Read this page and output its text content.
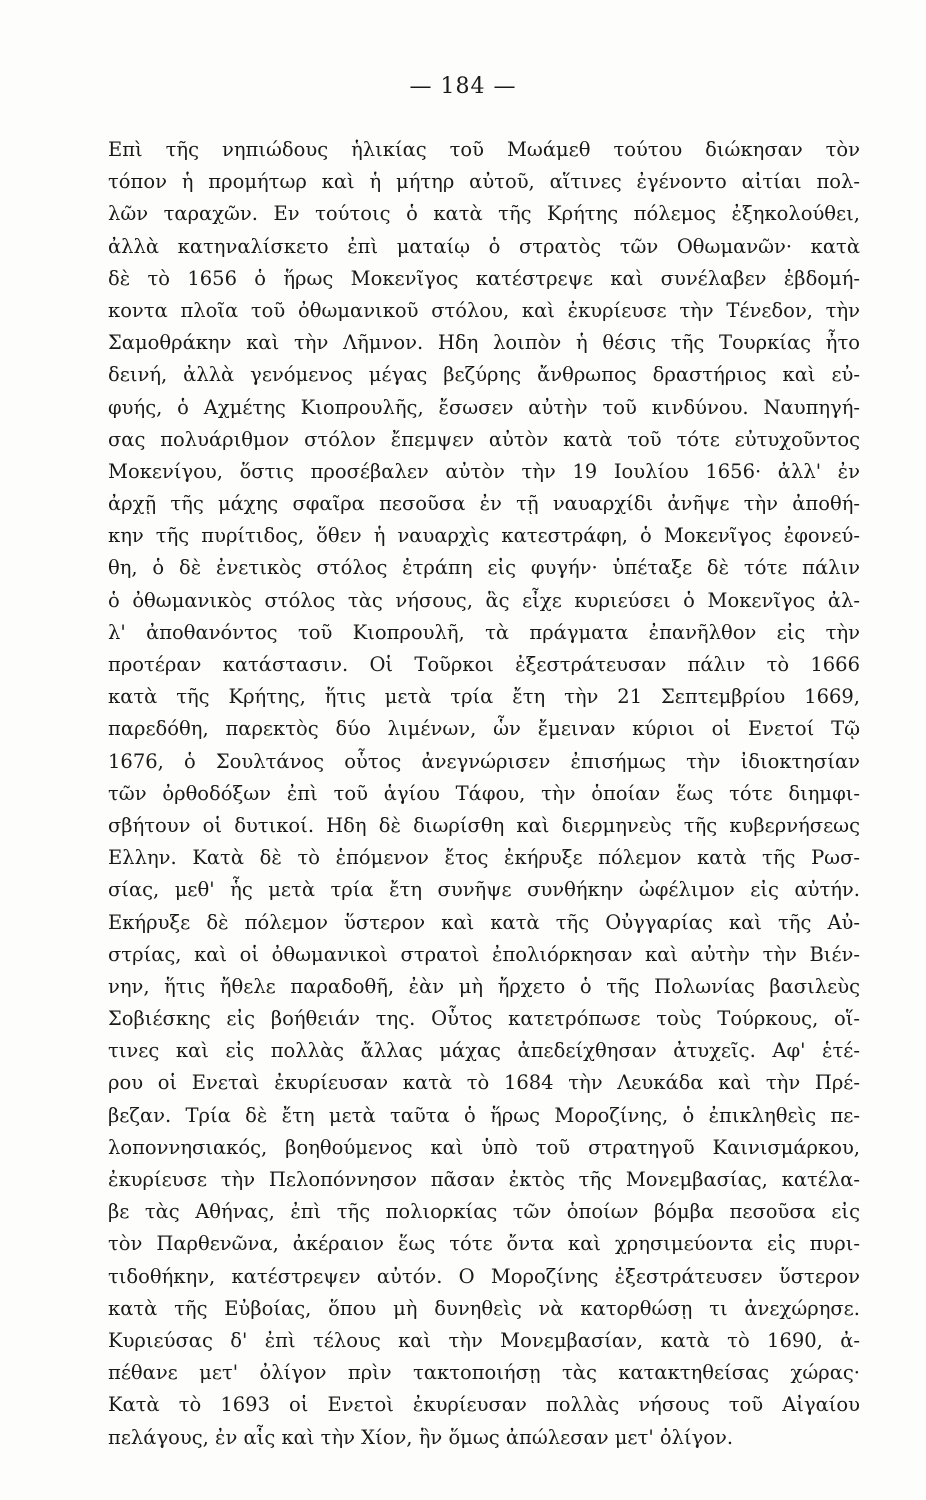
— 184 —
Επὶ τῆς νηπιώδους ἡλικίας τοῦ Μωάμεθ τούτου διώκησαν τὸν
τόπον ἡ προμήτωρ καὶ ἡ μήτηρ αὐτοῦ, αἵτινες ἐγένοντο αἰτίαι πολ-
λῶν ταραχῶν. Εν τούτοις ὁ κατὰ τῆς Κρήτης πόλεμος ἐξηκολούθει,
ἀλλὰ κατηναλίσκετο ἐπὶ ματαίῳ ὁ στρατὸς τῶν Οθωμανῶν· κατὰ
δὲ τὸ 1656 ὁ ἥρως Μοκενῖγος κατέστρεψε καὶ συνέλαβεν ἑβδομή-
κοντα πλοῖα τοῦ ὀθωμανικοῦ στόλου, καὶ ἐκυρίευσε τὴν Τένεδον, τὴν
Σαμοθράκην καὶ τὴν Λῆμνον. Ηδη λοιπὸν ἡ θέσις τῆς Τουρκίας ἦτο
δεινή, ἀλλὰ γενόμενος μέγας βεζύρης ἄνθρωπος δραστήριος καὶ εὐ-
φυής, ὁ Αχμέτης Κιοπρουλῆς, ἔσωσεν αὐτὴν τοῦ κινδύνου. Ναυπηγή-
σας πολυάριθμον στόλον ἔπεμψεν αὐτὸν κατὰ τοῦ τότε εὐτυχοῦντος
Μοκενίγου, ὅστις προσέβαλεν αὐτὸν τὴν 19 Ιουλίου 1656· ἀλλ' ἐν
ἀρχῇ τῆς μάχης σφαῖρα πεσοῦσα ἐν τῇ ναυαρχίδι ἀνῆψε τὴν ἀποθή-
κην τῆς πυρίτιδος, ὅθεν ἡ ναυαρχὶς κατεστράφη, ὁ Μοκενῖγος ἐφονεύ-
θη, ὁ δὲ ἐνετικὸς στόλος ἐτράπη εἰς φυγήν· ὑπέταξε δὲ τότε πάλιν
ὁ ὀθωμανικὸς στόλος τὰς νήσους, ἃς εἶχε κυριεύσει ὁ Μοκενῖγος ἀλ-
λ' ἀποθανόντος τοῦ Κιοπρουλῆ, τὰ πράγματα ἐπανῆλθον εἰς τὴν
προτέραν κατάστασιν. Οἱ Τοῦρκοι ἐξεστράτευσαν πάλιν τὸ 1666
κατὰ τῆς Κρήτης, ἥτις μετὰ τρία ἔτη τὴν 21 Σεπτεμβρίου 1669,
παρεδόθη, παρεκτὸς δύο λιμένων, ὧν ἔμειναν κύριοι οἱ Ενετοί Τῷ
1676, ὁ Σουλτάνος οὗτος ἀνεγνώρισεν ἐπισήμως τὴν ἰδιοκτησίαν
τῶν ὀρθοδόξων ἐπὶ τοῦ ἁγίου Τάφου, τὴν ὁποίαν ἕως τότε διημφι-
σβήτουν οἱ δυτικοί. Ηδη δὲ διωρίσθη καὶ διερμηνεὺς τῆς κυβερνήσεως
Ελλην. Κατὰ δὲ τὸ ἑπόμενον ἔτος ἐκήρυξε πόλεμον κατὰ τῆς Ρωσ-
σίας, μεθ' ἧς μετὰ τρία ἔτη συνῆψε συνθήκην ὠφέλιμον εἰς αὐτήν.
Εκήρυξε δὲ πόλεμον ὕστερον καὶ κατὰ τῆς Οὐγγαρίας καὶ τῆς Αὐ-
στρίας, καὶ οἱ ὀθωμανικοὶ στρατοὶ ἐπολιόρκησαν καὶ αὐτὴν τὴν Βιέν-
νην, ἥτις ἤθελε παραδοθῆ, ἐὰν μὴ ἤρχετο ὁ τῆς Πολωνίας βασιλεὺς
Σοβιέσκης εἰς βοήθειάν της. Οὗτος κατετρόπωσε τοὺς Τούρκους, οἵ-
τινες καὶ εἰς πολλὰς ἄλλας μάχας ἀπεδείχθησαν ἀτυχεῖς. Αφ' ἑτέ-
ρου οἱ Ενεταὶ ἐκυρίευσαν κατὰ τὸ 1684 τὴν Λευκάδα καὶ τὴν Πρέ-
βεζαν. Τρία δὲ ἔτη μετὰ ταῦτα ὁ ἥρως Μοροζίνης, ὁ ἐπικληθεὶς πε-
λοποννησιακός, βοηθούμενος καὶ ὑπὸ τοῦ στρατηγοῦ Καινισμάρκου,
ἐκυρίευσε τὴν Πελοπόννησον πᾶσαν ἐκτὸς τῆς Μονεμβασίας, κατέλα-
βε τὰς Αθήνας, ἐπὶ τῆς πολιορκίας τῶν ὁποίων βόμβα πεσοῦσα εἰς
τὸν Παρθενῶνα, ἀκέραιον ἕως τότε ὄντα καὶ χρησιμεύοντα εἰς πυρι-
τιδοθήκην, κατέστρεψεν αὐτόν. Ο Μοροζίνης ἐξεστράτευσεν ὕστερον
κατὰ τῆς Εὐβοίας, ὅπου μὴ δυνηθεὶς νὰ κατορθώσῃ τι ἀνεχώρησε.
Κυριεύσας δ' ἐπὶ τέλους καὶ τὴν Μονεμβασίαν, κατὰ τὸ 1690, ἀ-
πέθανε μετ' ὀλίγον πρὶν τακτοποιήσῃ τὰς κατακτηθείσας χώρας·
Κατὰ τὸ 1693 οἱ Ενετοὶ ἐκυρίευσαν πολλὰς νήσους τοῦ Αἰγαίου
πελάγους, ἐν αἷς καὶ τὴν Χίον, ἣν ὅμως ἀπώλεσαν μετ' ὀλίγον.
